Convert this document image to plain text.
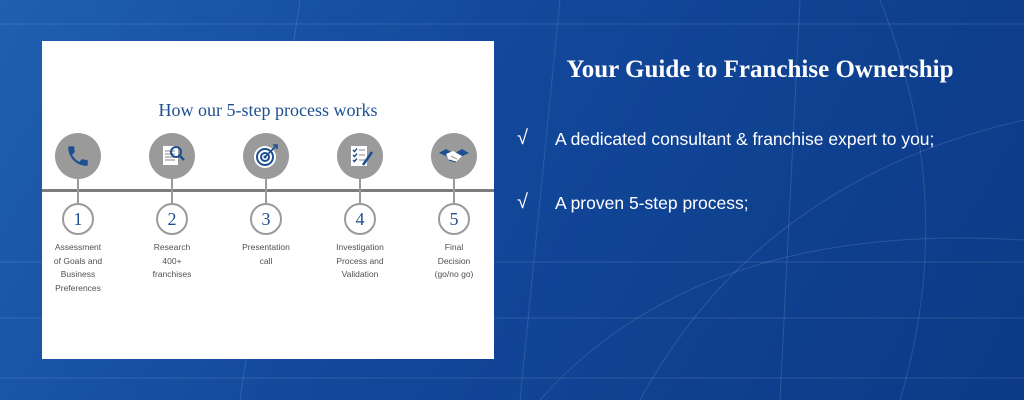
How our 5-step process works
1
Assessment
of Goals and
Business
Preferences
2
Research
400+
franchises
3
Presentation
call
4
Investigation
Process and
Validation
5
Final
Decision
(go/no go)
Your Guide to Franchise Ownership
√ A dedicated consultant & franchise expert to you;
√ A proven 5-step process;
